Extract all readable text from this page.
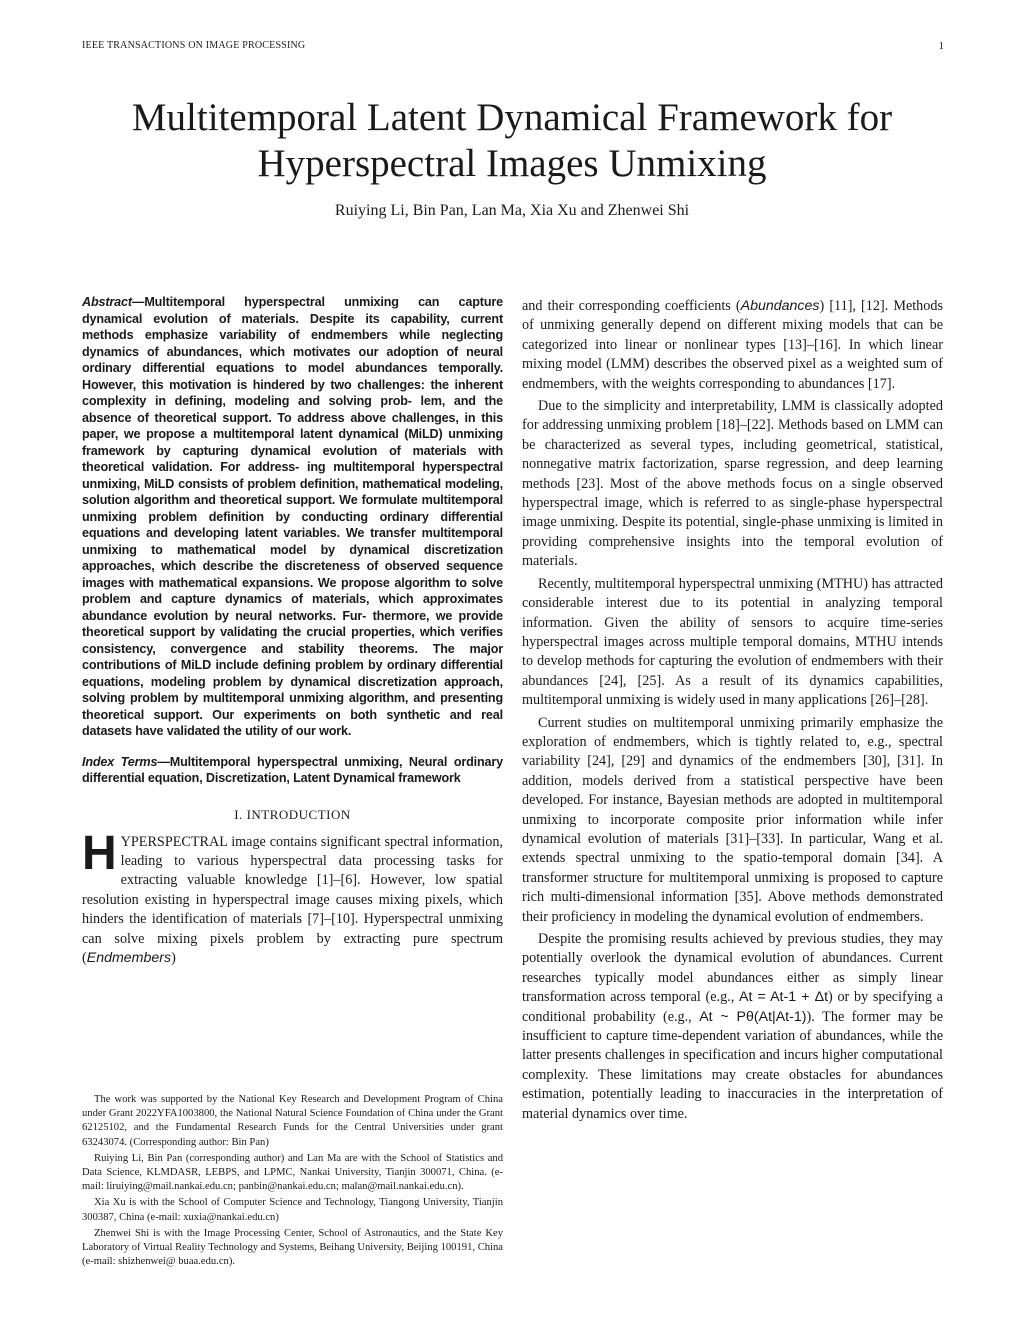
IEEE TRANSACTIONS ON IMAGE PROCESSING	1
Multitemporal Latent Dynamical Framework for Hyperspectral Images Unmixing
Ruiying Li, Bin Pan, Lan Ma, Xia Xu and Zhenwei Shi

Abstract—Multitemporal hyperspectral unmixing can capture dynamical evolution of materials. Despite its capability, current methods emphasize variability of endmembers while neglecting dynamics of abundances, which motivates our adoption of neural ordinary differential equations to model abundances temporally. However, this motivation is hindered by two challenges: the inherent complexity in defining, modeling and solving prob- lem, and the absence of theoretical support. To address above challenges, in this paper, we propose a multitemporal latent dynamical (MiLD) unmixing framework by capturing dynamical evolution of materials with theoretical validation. For address- ing multitemporal hyperspectral unmixing, MiLD consists of problem definition, mathematical modeling, solution algorithm and theoretical support. We formulate multitemporal unmixing problem definition by conducting ordinary differential equations and developing latent variables. We transfer multitemporal unmixing to mathematical model by dynamical discretization approaches, which describe the discreteness of observed sequence images with mathematical expansions. We propose algorithm to solve problem and capture dynamics of materials, which approximates abundance evolution by neural networks. Fur- thermore, we provide theoretical support by validating the crucial properties, which verifies consistency, convergence and stability theorems. The major contributions of MiLD include defining problem by ordinary differential equations, modeling problem by dynamical discretization approach, solving problem by multitemporal unmixing algorithm, and presenting theoretical support. Our experiments on both synthetic and real datasets have validated the utility of our work.

Index Terms—Multitemporal hyperspectral unmixing, Neural ordinary differential equation, Discretization, Latent Dynamical framework

I. INTRODUCTION

HYPERSPECTRAL image contains significant spectral information, leading to various hyperspectral data processing tasks for extracting valuable knowledge [1]–[6]. However, low spatial resolution existing in hyperspectral image causes mixing pixels, which hinders the identification of materials [7]–[10]. Hyperspectral unmixing can solve mixing pixels problem by extracting pure spectrum (Endmembers)

The work was supported by the National Key Research and Development Program of China under Grant 2022YFA1003800, the National Natural Science Foundation of China under the Grant 62125102, and the Fundamental Research Funds for the Central Universities under grant 63243074. (Corresponding author: Bin Pan)

Ruiying Li, Bin Pan (corresponding author) and Lan Ma are with the School of Statistics and Data Science, KLMDASR, LEBPS, and LPMC, Nankai University, Tianjin 300071, China. (e-mail: liruiying@mail.nankai.edu.cn; panbin@nankai.edu.cn; malan@mail.nankai.edu.cn).

Xia Xu is with the School of Computer Science and Technology, Tiangong University, Tianjin 300387, China (e-mail: xuxia@nankai.edu.cn)

Zhenwei Shi is with the Image Processing Center, School of Astronautics, and the State Key Laboratory of Virtual Reality Technology and Systems, Beihang University, Beijing 100191, China (e-mail: shizhenwei@ buaa.edu.cn).

and their corresponding coefficients (Abundances) [11], [12]. Methods of unmixing generally depend on different mixing models that can be categorized into linear or nonlinear types [13]–[16]. In which linear mixing model (LMM) describes the observed pixel as a weighted sum of endmembers, with the weights corresponding to abundances [17].

Due to the simplicity and interpretability, LMM is classically adopted for addressing unmixing problem [18]–[22]. Methods based on LMM can be characterized as several types, including geometrical, statistical, nonnegative matrix factorization, sparse regression, and deep learning methods [23]. Most of the above methods focus on a single observed hyperspectral image, which is referred to as single-phase hyperspectral image unmixing. Despite its potential, single-phase unmixing is limited in providing comprehensive insights into the temporal evolution of materials.

Recently, multitemporal hyperspectral unmixing (MTHU) has attracted considerable interest due to its potential in analyzing temporal information. Given the ability of sensors to acquire time-series hyperspectral images across multiple temporal domains, MTHU intends to develop methods for capturing the evolution of endmembers with their abundances [24], [25]. As a result of its dynamics capabilities, multitemporal unmixing is widely used in many applications [26]–[28].

Current studies on multitemporal unmixing primarily emphasize the exploration of endmembers, which is tightly related to, e.g., spectral variability [24], [29] and dynamics of the endmembers [30], [31]. In addition, models derived from a statistical perspective have been developed. For instance, Bayesian methods are adopted in multitemporal unmixing to incorporate composite prior information while infer dynamical evolution of materials [31]–[33]. In particular, Wang et al. extends spectral unmixing to the spatio-temporal domain [34]. A transformer structure for multitemporal unmixing is proposed to capture rich multi-dimensional information [35]. Above methods demonstrated their proficiency in modeling the dynamical evolution of endmembers.

Despite the promising results achieved by previous studies, they may potentially overlook the dynamical evolution of abundances. Current researches typically model abundances either as simply linear transformation across temporal (e.g., At = At-1 + Δt) or by specifying a conditional probability (e.g., At ~ Pθ(At|At-1)). The former may be insufficient to capture time-dependent variation of abundances, while the latter presents challenges in specification and incurs higher computational complexity. These limitations may create obstacles for abundances estimation, potentially leading to inaccuracies in the interpretation of material dynamics over time.
